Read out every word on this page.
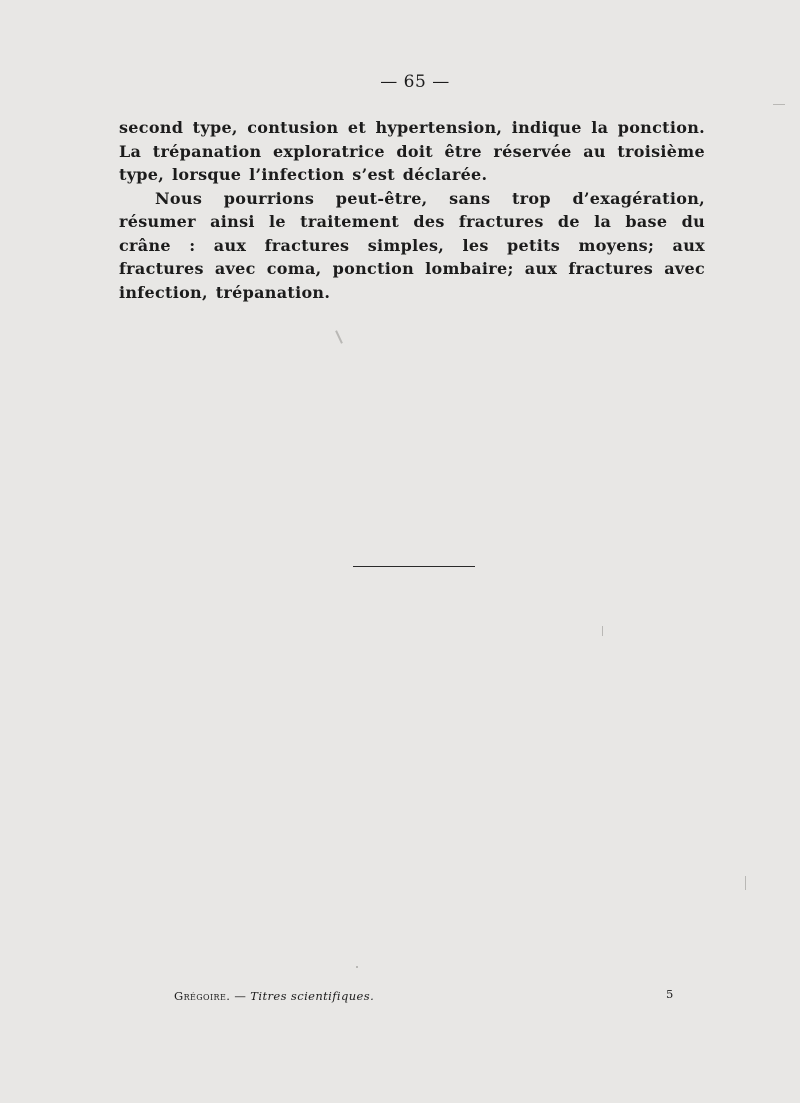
— 65 —

second type, contusion et hypertension, indique la ponction. La trépanation exploratrice doit être réservée au troisième type, lorsque l’infection s’est déclarée.

Nous pourrions peut-être, sans trop d’exagération, résumer ainsi le traitement des fractures de la base du crâne : aux fractures simples, les petits moyens; aux fractures avec coma, ponction lombaire; aux fractures avec infection, trépanation.

Grégoire. — Titres scientifiques.	5
